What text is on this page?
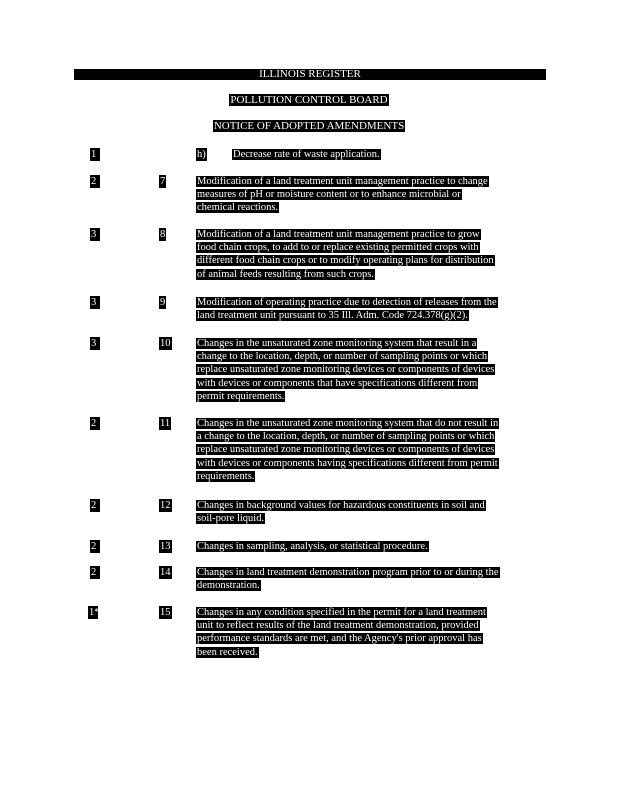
ILLINOIS REGISTER
POLLUTION CONTROL BOARD
NOTICE OF ADOPTED AMENDMENTS
1	h)	Decrease rate of waste application.
2	7	Modification of a land treatment unit management practice to change
measures of pH or moisture content or to enhance microbial or
chemical reactions.
3	8	Modification of a land treatment unit management practice to grow
food chain crops, to add to or replace existing permitted crops with
different food chain crops or to modify operating plans for distribution
of animal feeds resulting from such crops.
3	9	Modification of operating practice due to detection of releases from the
land treatment unit pursuant to 35 Ill. Adm. Code 724.378(g)(2).
3	10	Changes in the unsaturated zone monitoring system that result in a
change to the location, depth, or number of sampling points or which
replace unsaturated zone monitoring devices or components of devices
with devices or components that have specifications different from
permit requirements.
2	11	Changes in the unsaturated zone monitoring system that do not result in
a change to the location, depth, or number of sampling points or which
replace unsaturated zone monitoring devices or components of devices
with devices or components having specifications different from permit
requirements.
2	12	Changes in background values for hazardous constituents in soil and
soil-pore liquid.
2	13	Changes in sampling, analysis, or statistical procedure.
2	14	Changes in land treatment demonstration program prior to or during the
demonstration.
1*	15	Changes in any condition specified in the permit for a land treatment
unit to reflect results of the land treatment demonstration, provided
performance standards are met, and the Agency's prior approval has
been received.
